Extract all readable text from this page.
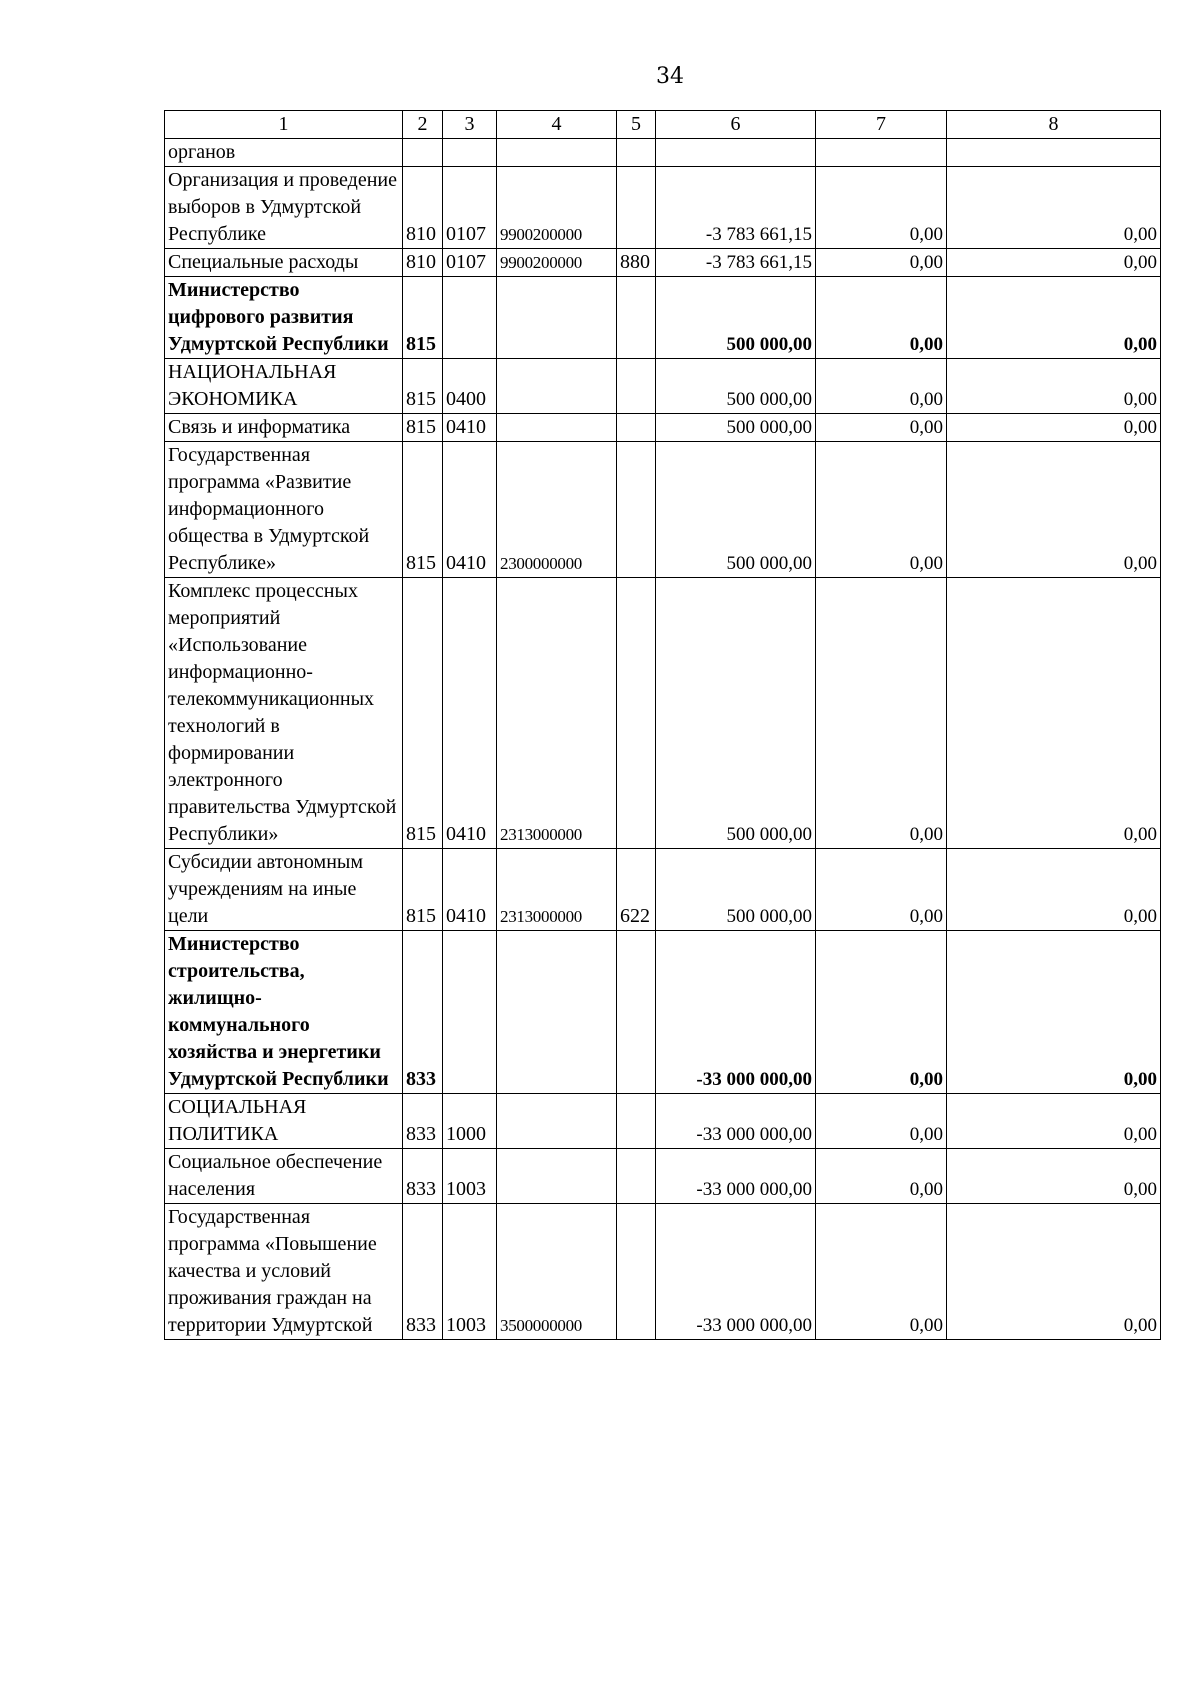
34
1	2	3	4	5	6	7	8
органов							
Организация и проведение выборов в Удмуртской Республике	810	0107	9900200000		-3 783 661,15	0,00	0,00
Специальные расходы	810	0107	9900200000	880	-3 783 661,15	0,00	0,00
Министерство цифрового развития Удмуртской Республики	815				500 000,00	0,00	0,00
НАЦИОНАЛЬНАЯ ЭКОНОМИКА	815	0400			500 000,00	0,00	0,00
Связь и информатика	815	0410			500 000,00	0,00	0,00
Государственная программа «Развитие информационного общества в Удмуртской Республике»	815	0410	2300000000		500 000,00	0,00	0,00
Комплекс процессных мероприятий «Использование информационно-телекоммуникационных технологий в формировании электронного правительства Удмуртской Республики»	815	0410	2313000000		500 000,00	0,00	0,00
Субсидии автономным учреждениям на иные цели	815	0410	2313000000	622	500 000,00	0,00	0,00
Министерство строительства, жилищно-коммунального хозяйства и энергетики Удмуртской Республики	833				-33 000 000,00	0,00	0,00
СОЦИАЛЬНАЯ ПОЛИТИКА	833	1000			-33 000 000,00	0,00	0,00
Социальное обеспечение населения	833	1003			-33 000 000,00	0,00	0,00
Государственная программа «Повышение качества и условий проживания граждан на территории Удмуртской	833	1003	3500000000		-33 000 000,00	0,00	0,00
